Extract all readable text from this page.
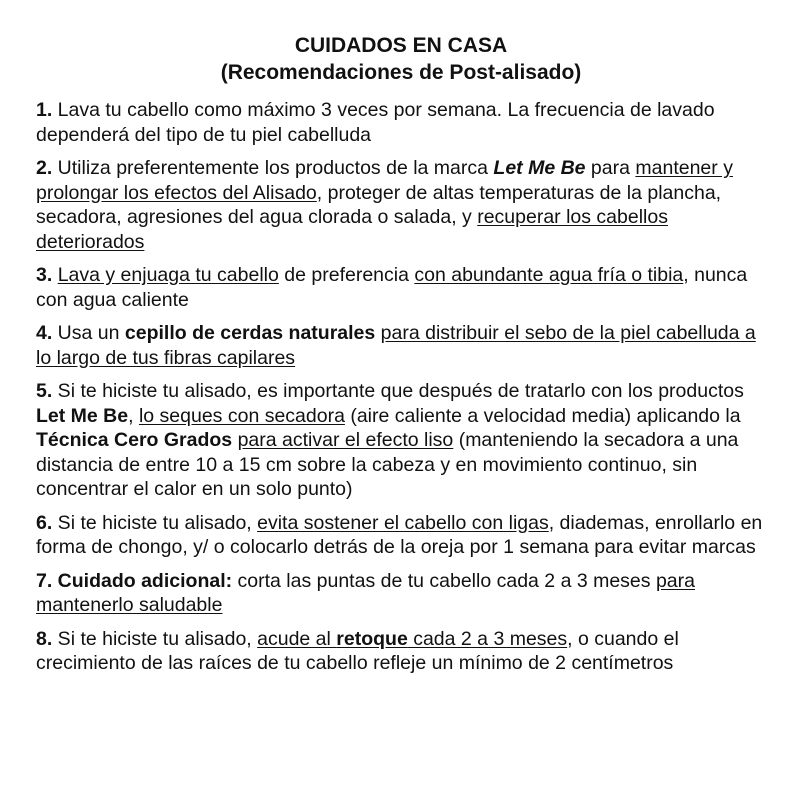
CUIDADOS EN CASA
(Recomendaciones de Post-alisado)

1. Lava tu cabello como máximo 3 veces por semana. La frecuencia de lavado dependerá del tipo de tu piel cabelluda

2. Utiliza preferentemente los productos de la marca Let Me Be para mantener y prolongar los efectos del Alisado, proteger de altas temperaturas de la plancha, secadora, agresiones del agua clorada o salada, y recuperar los cabellos deteriorados

3. Lava y enjuaga tu cabello de preferencia con abundante agua fría o tibia, nunca con agua caliente

4. Usa un cepillo de cerdas naturales para distribuir el sebo de la piel cabelluda a lo largo de tus fibras capilares

5. Si te hiciste tu alisado, es importante que después de tratarlo con los productos Let Me Be, lo seques con secadora (aire caliente a velocidad media) aplicando la Técnica Cero Grados para activar el efecto liso (manteniendo la secadora a una distancia de entre 10 a 15 cm sobre la cabeza y en movimiento continuo, sin concentrar el calor en un solo punto)

6. Si te hiciste tu alisado, evita sostener el cabello con ligas, diademas, enrollarlo en forma de chongo, y/ o colocarlo detrás de la oreja por 1 semana para evitar marcas

7. Cuidado adicional: corta las puntas de tu cabello cada 2 a 3 meses para mantenerlo saludable

8. Si te hiciste tu alisado, acude al retoque cada 2 a 3 meses, o cuando el crecimiento de las raíces de tu cabello refleje un mínimo de 2 centímetros
